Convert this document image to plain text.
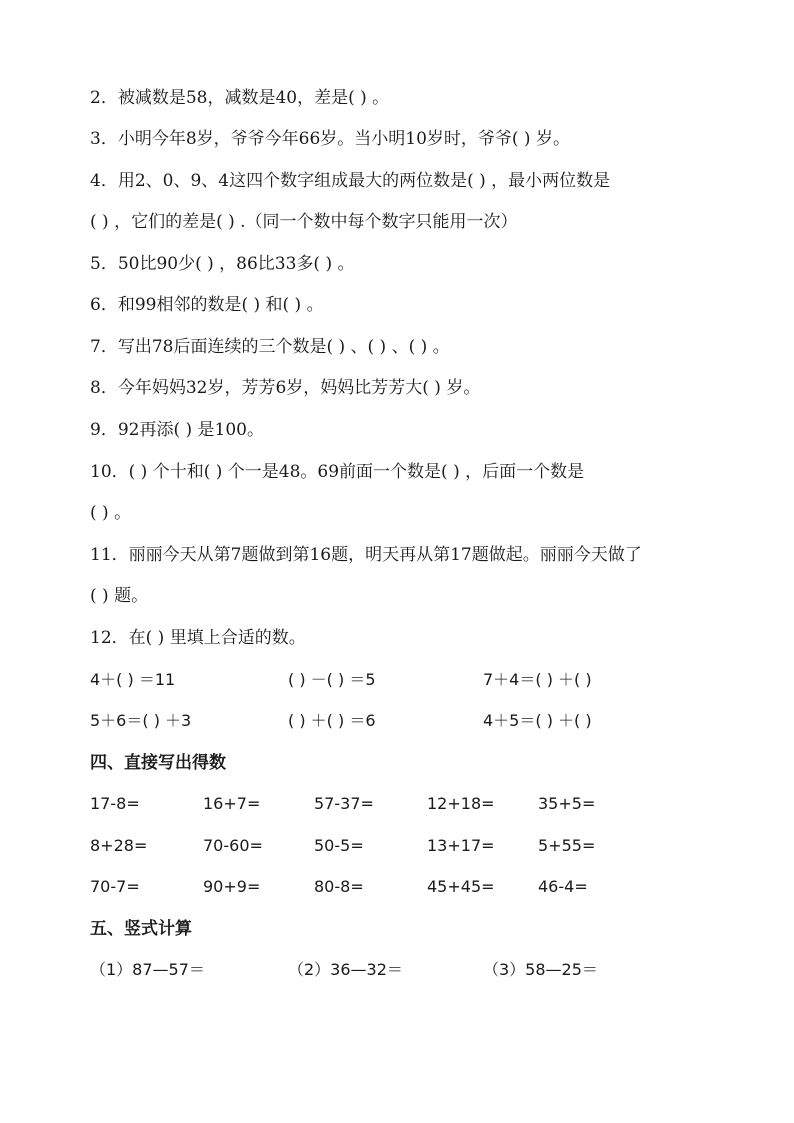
2．被减数是58，减数是40，差是( ) 。
3．小明今年8岁，爷爷今年66岁。当小明10岁时，爷爷( ) 岁。
4．用2、0、9、4这四个数字组成最大的两位数是( ) ，最小两位数是
( ) ，它们的差是( ) .（同一个数中每个数字只能用一次）
5．50比90少( ) ，86比33多( ) 。
6．和99相邻的数是( ) 和( ) 。
7．写出78后面连续的三个数是( ) 、( ) 、( ) 。
8．今年妈妈32岁，芳芳6岁，妈妈比芳芳大( ) 岁。
9．92再添( ) 是100。
10．( ) 个十和( ) 个一是48。69前面一个数是( ) ，后面一个数是
( ) 。
11．丽丽今天从第7题做到第16题，明天再从第17题做起。丽丽今天做了
( ) 题。
12．在( ) 里填上合适的数。
4＋( ) ＝11	( ) －( ) ＝5	7＋4＝( ) ＋( )
5＋6＝( ) ＋3	( ) ＋( ) ＝6	4＋5＝( ) ＋( )
四、直接写出得数
17-8=	16+7=	57-37=	12+18=	35+5=
8+28=	70-60=	50-5=	13+17=	5+55=
70-7=	90+9=	80-8=	45+45=	46-4=
五、竖式计算
（1）87—57＝	（2）36—32＝	（3）58—25＝
